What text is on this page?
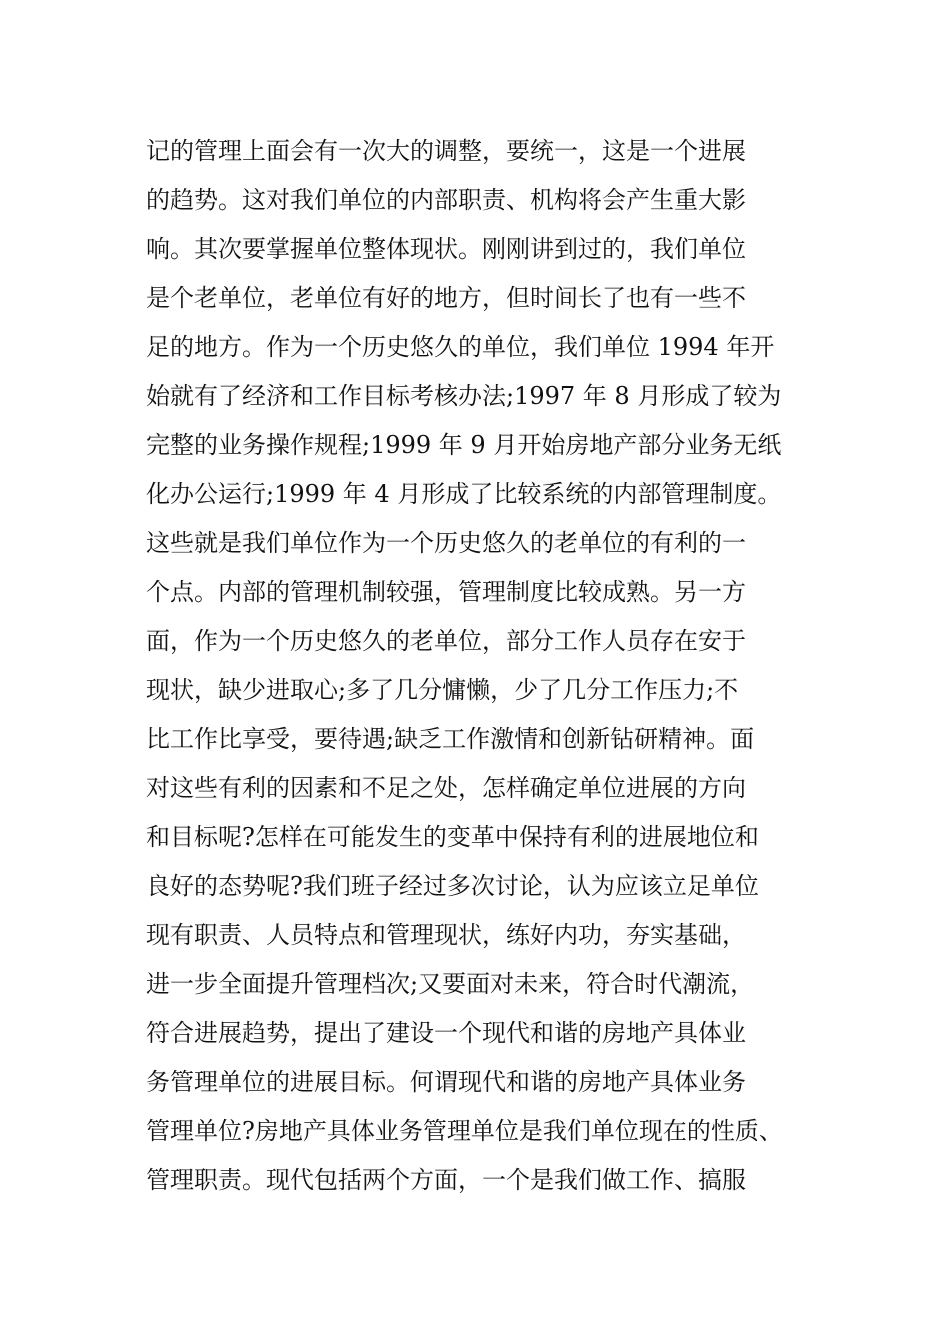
记的管理上面会有一次大的调整，要统一，这是一个进展
的趋势。这对我们单位的内部职责、机构将会产生重大影
响。其次要掌握单位整体现状。刚刚讲到过的，我们单位
是个老单位，老单位有好的地方，但时间长了也有一些不
足的地方。作为一个历史悠久的单位，我们单位 1994 年开
始就有了经济和工作目标考核办法;1997 年 8 月形成了较为
完整的业务操作规程;1999 年 9 月开始房地产部分业务无纸
化办公运行;1999 年 4 月形成了比较系统的内部管理制度。
这些就是我们单位作为一个历史悠久的老单位的有利的一
个点。内部的管理机制较强，管理制度比较成熟。另一方
面，作为一个历史悠久的老单位，部分工作人员存在安于
现状，缺少进取心;多了几分慵懒，少了几分工作压力;不
比工作比享受，要待遇;缺乏工作激情和创新钻研精神。面
对这些有利的因素和不足之处，怎样确定单位进展的方向
和目标呢?怎样在可能发生的变革中保持有利的进展地位和
良好的态势呢?我们班子经过多次讨论，认为应该立足单位
现有职责、人员特点和管理现状，练好内功，夯实基础，
进一步全面提升管理档次;又要面对未来，符合时代潮流，
符合进展趋势，提出了建设一个现代和谐的房地产具体业
务管理单位的进展目标。何谓现代和谐的房地产具体业务
管理单位?房地产具体业务管理单位是我们单位现在的性质、
管理职责。现代包括两个方面，一个是我们做工作、搞服
